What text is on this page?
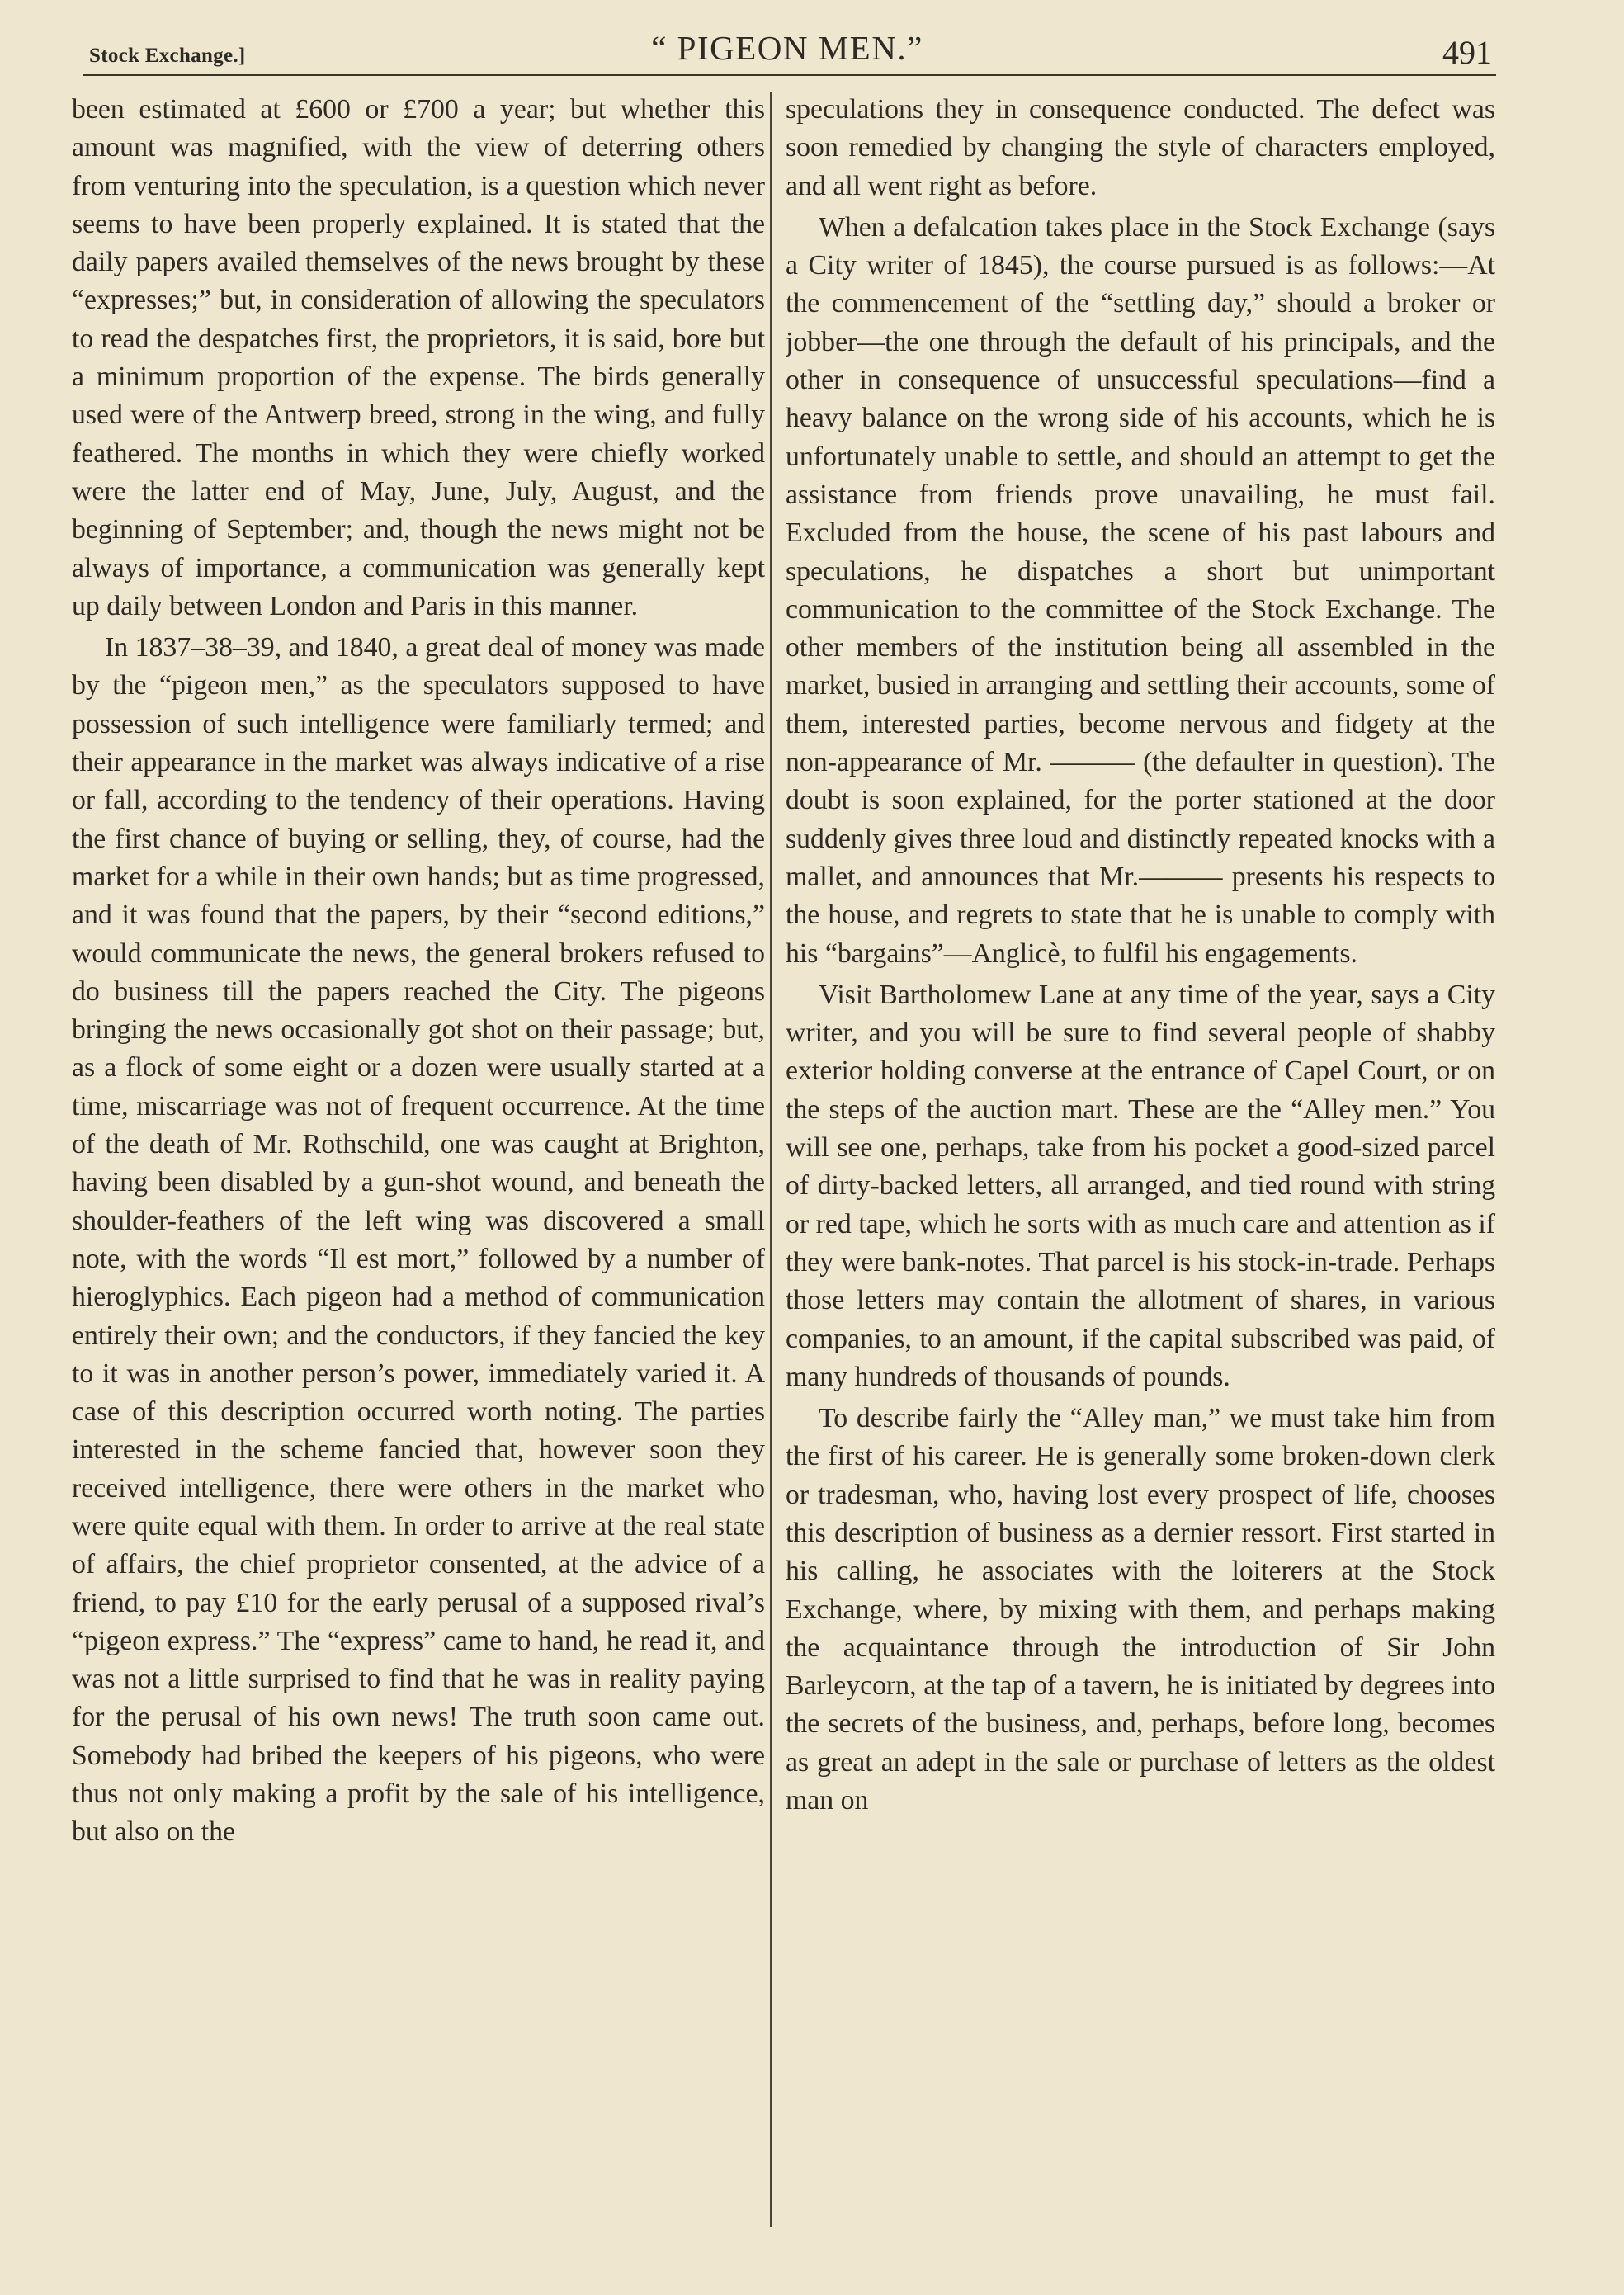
Stock Exchange.]	“ PIGEON MEN.”	491

been estimated at £600 or £700 a year; but whether this amount was magnified, with the view of deterring others from venturing into the speculation, is a question which never seems to have been properly explained. It is stated that the daily papers availed themselves of the news brought by these “expresses;” but, in consideration of allowing the speculators to read the despatches first, the proprietors, it is said, bore but a minimum proportion of the expense. The birds generally used were of the Antwerp breed, strong in the wing, and fully feathered. The months in which they were chiefly worked were the latter end of May, June, July, August, and the beginning of September; and, though the news might not be always of importance, a communication was generally kept up daily between London and Paris in this manner.

In 1837–38–39, and 1840, a great deal of money was made by the “pigeon men,” as the speculators supposed to have possession of such intelligence were familiarly termed; and their appearance in the market was always indicative of a rise or fall, according to the tendency of their operations. Having the first chance of buying or selling, they, of course, had the market for a while in their own hands; but as time progressed, and it was found that the papers, by their “second editions,” would communicate the news, the general brokers refused to do business till the papers reached the City. The pigeons bringing the news occasionally got shot on their passage; but, as a flock of some eight or a dozen were usually started at a time, miscarriage was not of frequent occurrence. At the time of the death of Mr. Rothschild, one was caught at Brighton, having been disabled by a gun-shot wound, and beneath the shoulder-feathers of the left wing was discovered a small note, with the words “Il est mort,” followed by a number of hieroglyphics. Each pigeon had a method of communication entirely their own; and the conductors, if they fancied the key to it was in another person’s power, immediately varied it. A case of this description occurred worth noting. The parties interested in the scheme fancied that, however soon they received intelligence, there were others in the market who were quite equal with them. In order to arrive at the real state of affairs, the chief proprietor consented, at the advice of a friend, to pay £10 for the early perusal of a supposed rival’s “pigeon express.” The “express” came to hand, he read it, and was not a little surprised to find that he was in reality paying for the perusal of his own news! The truth soon came out. Somebody had bribed the keepers of his pigeons, who were thus not only making a profit by the sale of his intelligence, but also on the

speculations they in consequence conducted. The defect was soon remedied by changing the style of characters employed, and all went right as before.

When a defalcation takes place in the Stock Exchange (says a City writer of 1845), the course pursued is as follows:—At the commencement of the “settling day,” should a broker or jobber—the one through the default of his principals, and the other in consequence of unsuccessful speculations—find a heavy balance on the wrong side of his accounts, which he is unfortunately unable to settle, and should an attempt to get the assistance from friends prove unavailing, he must fail. Excluded from the house, the scene of his past labours and speculations, he dispatches a short but unimportant communication to the committee of the Stock Exchange. The other members of the institution being all assembled in the market, busied in arranging and settling their accounts, some of them, interested parties, become nervous and fidgety at the non-appearance of Mr. ——— (the defaulter in question). The doubt is soon explained, for the porter stationed at the door suddenly gives three loud and distinctly repeated knocks with a mallet, and announces that Mr.——— presents his respects to the house, and regrets to state that he is unable to comply with his “bargains”—Anglicè, to fulfil his engagements.

Visit Bartholomew Lane at any time of the year, says a City writer, and you will be sure to find several people of shabby exterior holding converse at the entrance of Capel Court, or on the steps of the auction mart. These are the “Alley men.” You will see one, perhaps, take from his pocket a good-sized parcel of dirty-backed letters, all arranged, and tied round with string or red tape, which he sorts with as much care and attention as if they were bank-notes. That parcel is his stock-in-trade. Perhaps those letters may contain the allotment of shares, in various companies, to an amount, if the capital subscribed was paid, of many hundreds of thousands of pounds.

To describe fairly the “Alley man,” we must take him from the first of his career. He is generally some broken-down clerk or tradesman, who, having lost every prospect of life, chooses this description of business as a dernier ressort. First started in his calling, he associates with the loiterers at the Stock Exchange, where, by mixing with them, and perhaps making the acquaintance through the introduction of Sir John Barleycorn, at the tap of a tavern, he is initiated by degrees into the secrets of the business, and, perhaps, before long, becomes as great an adept in the sale or purchase of letters as the oldest man on
